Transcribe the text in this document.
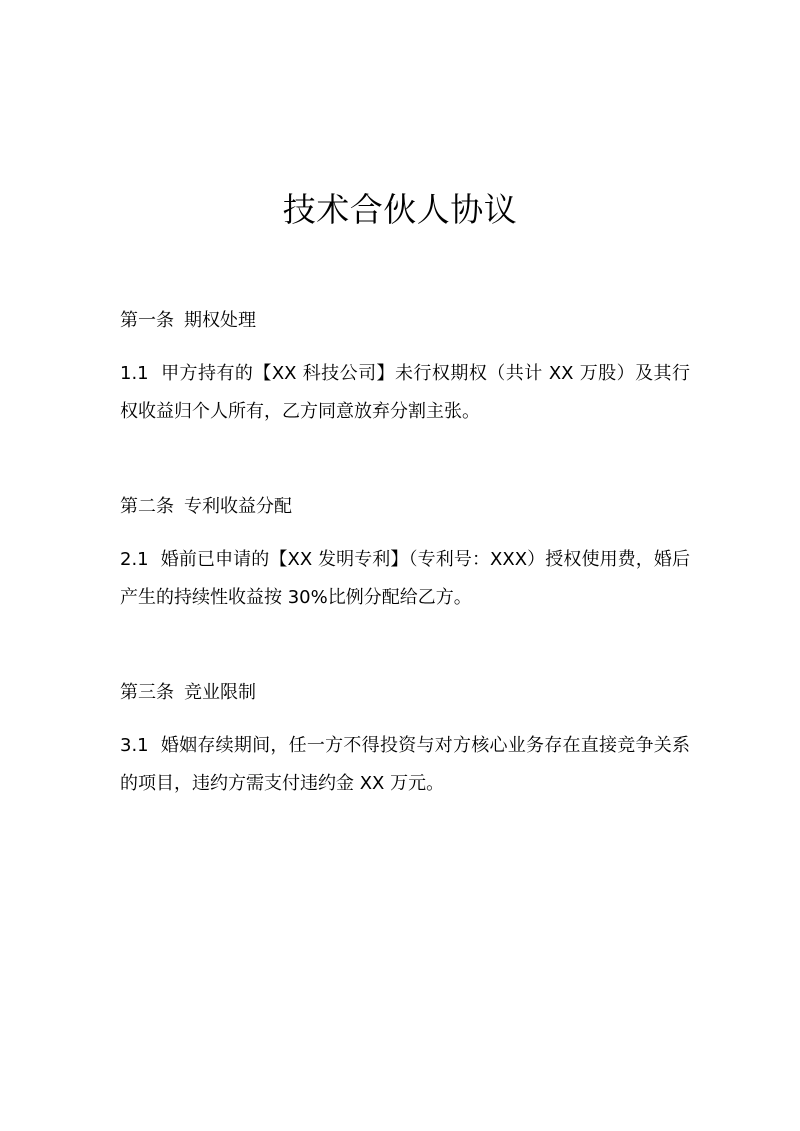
技术合伙人协议

第一条 期权处理

1.1 甲方持有的【XX 科技公司】未行权期权（共计 XX 万股）及其行权收益归个人所有，乙方同意放弃分割主张。

第二条 专利收益分配

2.1 婚前已申请的【XX 发明专利】（专利号：XXX）授权使用费，婚后产生的持续性收益按 30%比例分配给乙方。

第三条 竞业限制

3.1 婚姻存续期间，任一方不得投资与对方核心业务存在直接竞争关系的项目，违约方需支付违约金 XX 万元。
